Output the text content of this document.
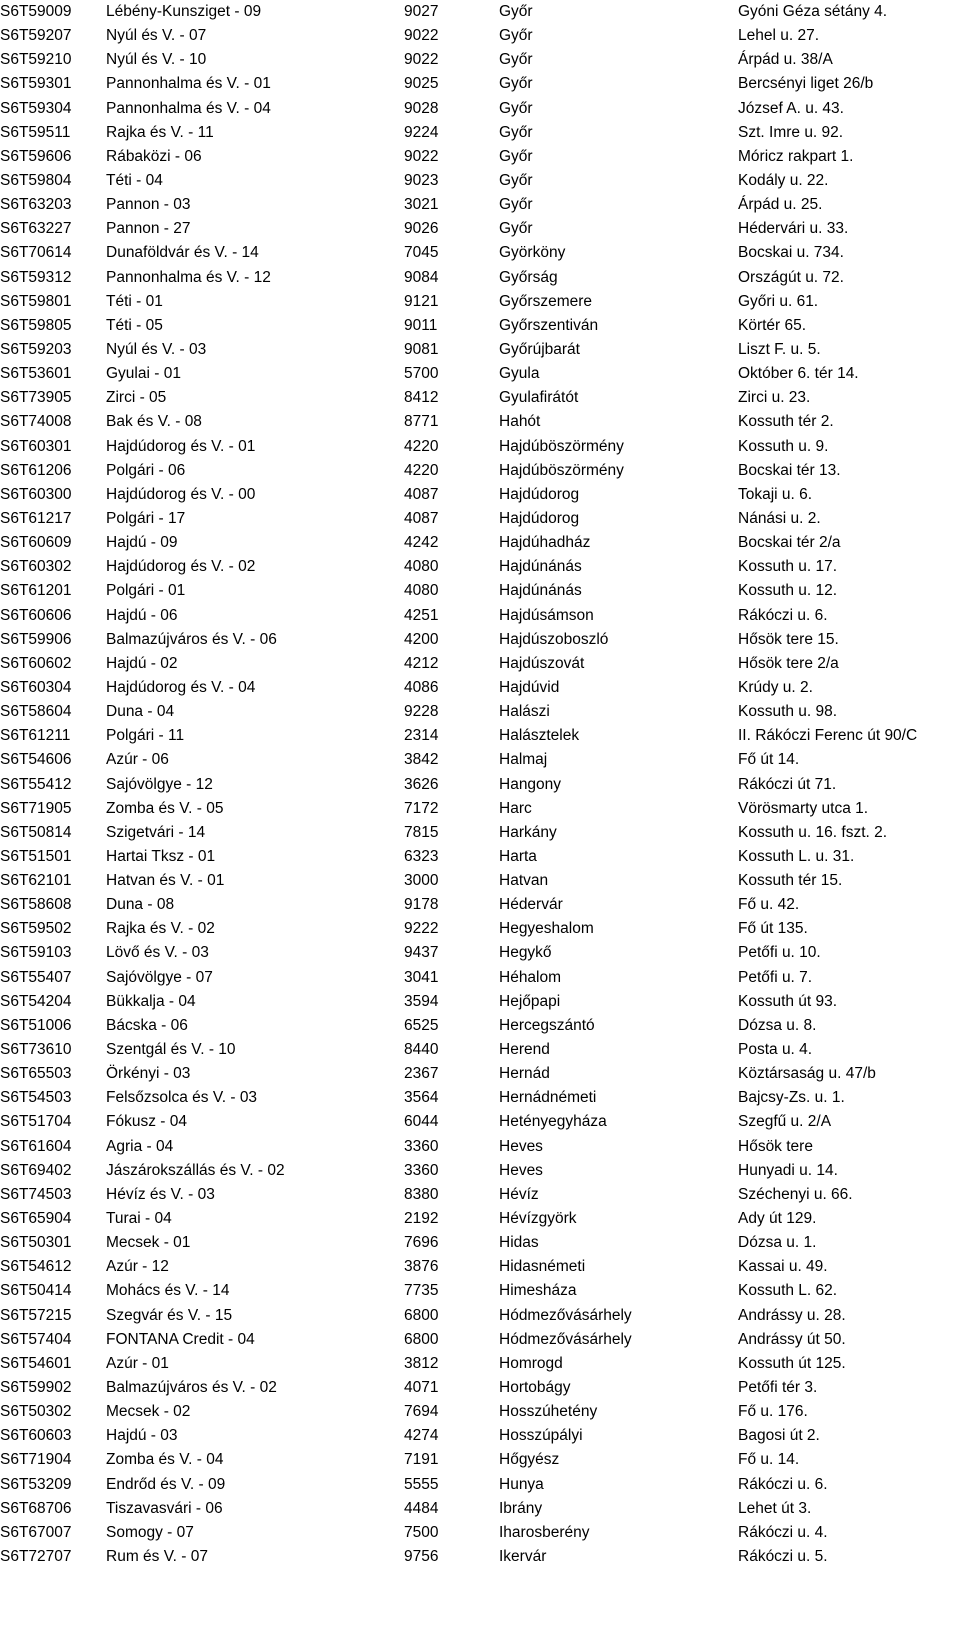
S6T59009 Lébény-Kunsziget - 09	9027	Győr	Gyóni Géza sétány 4.
S6T59207 Nyúl és V. - 07	9022	Győr	Lehel u. 27.
S6T59210 Nyúl és V. - 10	9022	Győr	Árpád u. 38/A
S6T59301 Pannonhalma és V. - 01	9025	Győr	Bercsényi liget 26/b
S6T59304 Pannonhalma és V. - 04	9028	Győr	József A. u. 43.
S6T59511 Rajka és V. - 11	9224	Győr	Szt. Imre u. 92.
S6T59606 Rábaközi - 06	9022	Győr	Móricz rakpart 1.
S6T59804 Téti - 04	9023	Győr	Kodály u. 22.
S6T63203 Pannon - 03	3021	Győr	Árpád u. 25.
S6T63227 Pannon - 27	9026	Győr	Hédervári u. 33.
S6T70614 Dunaföldvár és V. - 14	7045	Györköny	Bocskai u. 734.
S6T59312 Pannonhalma és V. - 12	9084	Győrság	Országút u. 72.
S6T59801 Téti - 01	9121	Győrszemere	Győri u. 61.
S6T59805 Téti - 05	9011	Győrszentiván	Körtér 65.
S6T59203 Nyúl és V. - 03	9081	Győrújbarát	Liszt F. u. 5.
S6T53601 Gyulai - 01	5700	Gyula	Október 6. tér 14.
S6T73905 Zirci - 05	8412	Gyulafirátót	Zirci u. 23.
S6T74008 Bak és V. - 08	8771	Hahót	Kossuth tér 2.
S6T60301 Hajdúdorog és V. - 01	4220	Hajdúböszörmény	Kossuth u. 9.
S6T61206 Polgári - 06	4220	Hajdúböszörmény	Bocskai tér 13.
S6T60300 Hajdúdorog és V. - 00	4087	Hajdúdorog	Tokaji u. 6.
S6T61217 Polgári - 17	4087	Hajdúdorog	Nánási u. 2.
S6T60609 Hajdú - 09	4242	Hajdúhadház	Bocskai tér 2/a
S6T60302 Hajdúdorog és V. - 02	4080	Hajdúnánás	Kossuth u. 17.
S6T61201 Polgári - 01	4080	Hajdúnánás	Kossuth u. 12.
S6T60606 Hajdú - 06	4251	Hajdúsámson	Rákóczi u. 6.
S6T59906 Balmazújváros és V. - 06	4200	Hajdúszoboszló	Hősök tere 15.
S6T60602 Hajdú - 02	4212	Hajdúszovát	Hősök tere 2/a
S6T60304 Hajdúdorog és V. - 04	4086	Hajdúvid	Krúdy u. 2.
S6T58604 Duna - 04	9228	Halászi	Kossuth u. 98.
S6T61211 Polgári - 11	2314	Halásztelek	II. Rákóczi Ferenc út 90/C
S6T54606 Azúr - 06	3842	Halmaj	Fő út 14.
S6T55412 Sajóvölgye - 12	3626	Hangony	Rákóczi út 71.
S6T71905 Zomba és V. - 05	7172	Harc	Vörösmarty utca 1.
S6T50814 Szigetvári - 14	7815	Harkány	Kossuth u. 16. fszt. 2.
S6T51501 Hartai Tksz - 01	6323	Harta	Kossuth L. u. 31.
S6T62101 Hatvan és V. - 01	3000	Hatvan	Kossuth tér 15.
S6T58608 Duna - 08	9178	Hédervár	Fő u. 42.
S6T59502 Rajka és V. - 02	9222	Hegyeshalom	Fő út 135.
S6T59103 Lövő és V. - 03	9437	Hegykő	Petőfi u. 10.
S6T55407 Sajóvölgye - 07	3041	Héhalom	Petőfi u. 7.
S6T54204 Bükkalja - 04	3594	Hejőpapi	Kossuth út 93.
S6T51006 Bácska - 06	6525	Hercegszántó	Dózsa u. 8.
S6T73610 Szentgál és V. - 10	8440	Herend	Posta u. 4.
S6T65503 Örkényi - 03	2367	Hernád	Köztársaság u. 47/b
S6T54503 Felsőzsolca és V. - 03	3564	Hernádnémeti	Bajcsy-Zs. u. 1.
S6T51704 Fókusz - 04	6044	Hetényegyháza	Szegfű u. 2/A
S6T61604 Agria - 04	3360	Heves	Hősök tere
S6T69402 Jászárokszállás és V. - 02	3360	Heves	Hunyadi u. 14.
S6T74503 Hévíz és V. - 03	8380	Hévíz	Széchenyi u. 66.
S6T65904 Turai - 04	2192	Hévízgyörk	Ady út 129.
S6T50301 Mecsek - 01	7696	Hidas	Dózsa u. 1.
S6T54612 Azúr - 12	3876	Hidasnémeti	Kassai u. 49.
S6T50414 Mohács és V. - 14	7735	Himesháza	Kossuth L. 62.
S6T57215 Szegvár és V. - 15	6800	Hódmezővásárhely	Andrássy u. 28.
S6T57404 FONTANA Credit - 04	6800	Hódmezővásárhely	Andrássy út 50.
S6T54601 Azúr - 01	3812	Homrogd	Kossuth út 125.
S6T59902 Balmazújváros és V. - 02	4071	Hortobágy	Petőfi tér 3.
S6T50302 Mecsek - 02	7694	Hosszúhetény	Fő u. 176.
S6T60603 Hajdú - 03	4274	Hosszúpályi	Bagosi út 2.
S6T71904 Zomba és V. - 04	7191	Hőgyész	Fő u. 14.
S6T53209 Endrőd és V. - 09	5555	Hunya	Rákóczi u. 6.
S6T68706 Tiszavasvári - 06	4484	Ibrány	Lehet út 3.
S6T67007 Somogy - 07	7500	Iharosberény	Rákóczi u. 4.
S6T72707 Rum és V. - 07	9756	Ikervár	Rákóczi u. 5.
